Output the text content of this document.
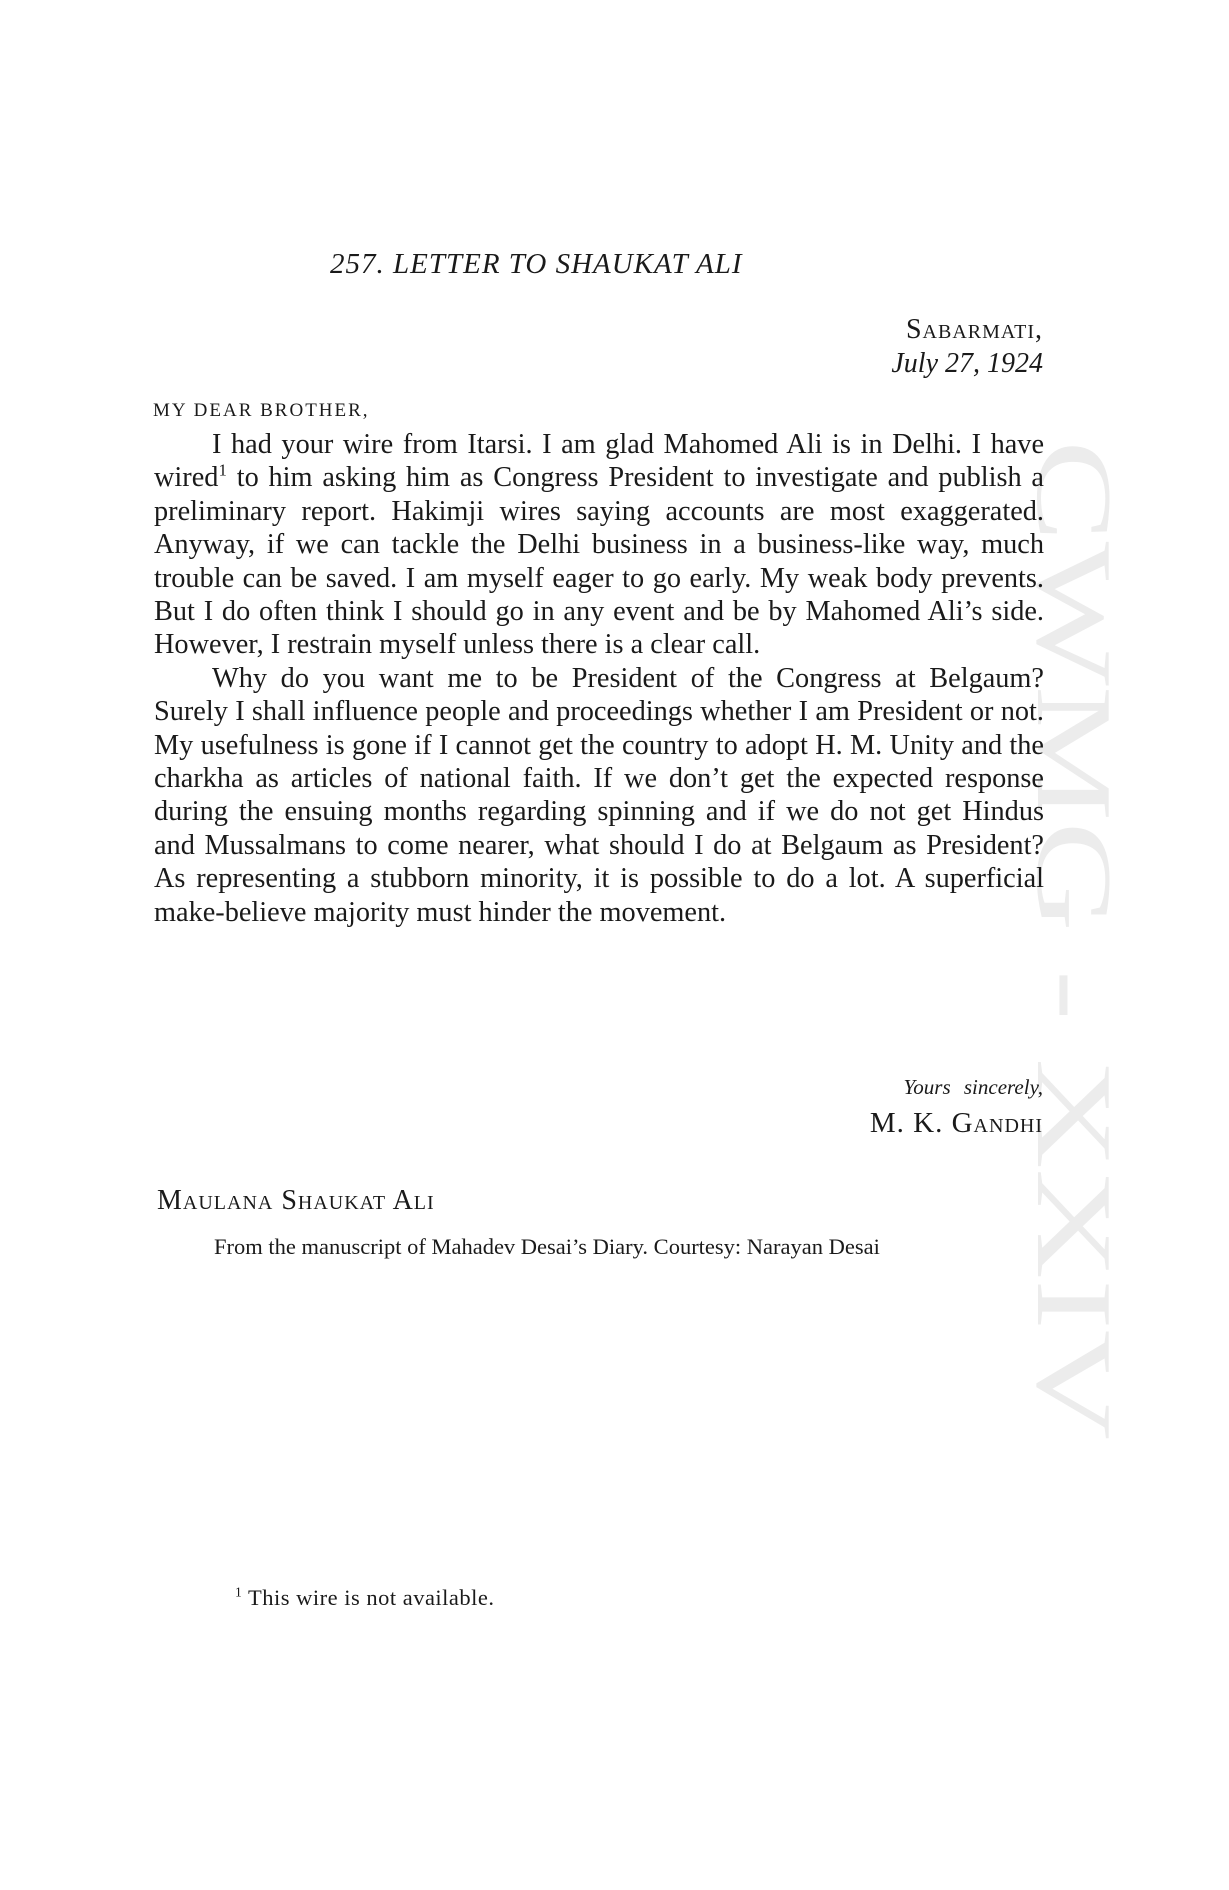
CWMG - XXIV
257. LETTER TO SHAUKAT ALI
Sabarmati,
July 27, 1924
MY DEAR BROTHER,

I had your wire from Itarsi. I am glad Mahomed Ali is in Delhi. I have wired$^1$ to him asking him as Congress President to investigate and publish a preliminary report. Hakimji wires saying accounts are most exaggerated. Anyway, if we can tackle the Delhi business in a business-like way, much trouble can be saved. I am myself eager to go early. My weak body prevents. But I do often think I should go in any event and be by Mahomed Ali’s side. However, I restrain myself unless there is a clear call.

Why do you want me to be President of the Congress at Belgaum? Surely I shall influence people and proceedings whether I am President or not. My usefulness is gone if I cannot get the country to adopt H. M. Unity and the charkha as articles of national faith. If we don’t get the expected response during the ensuing months regarding spinning and if we do not get Hindus and Mussalmans to come nearer, what should I do at Belgaum as President? As representing a stubborn minority, it is possible to do a lot. A superficial make-believe majority must hinder the movement.

Yours sincerely,
M. K. Gandhi
Maulana Shaukat Ali
From the manuscript of Mahadev Desai’s Diary. Courtesy: Narayan Desai
$^1$ This wire is not available.
